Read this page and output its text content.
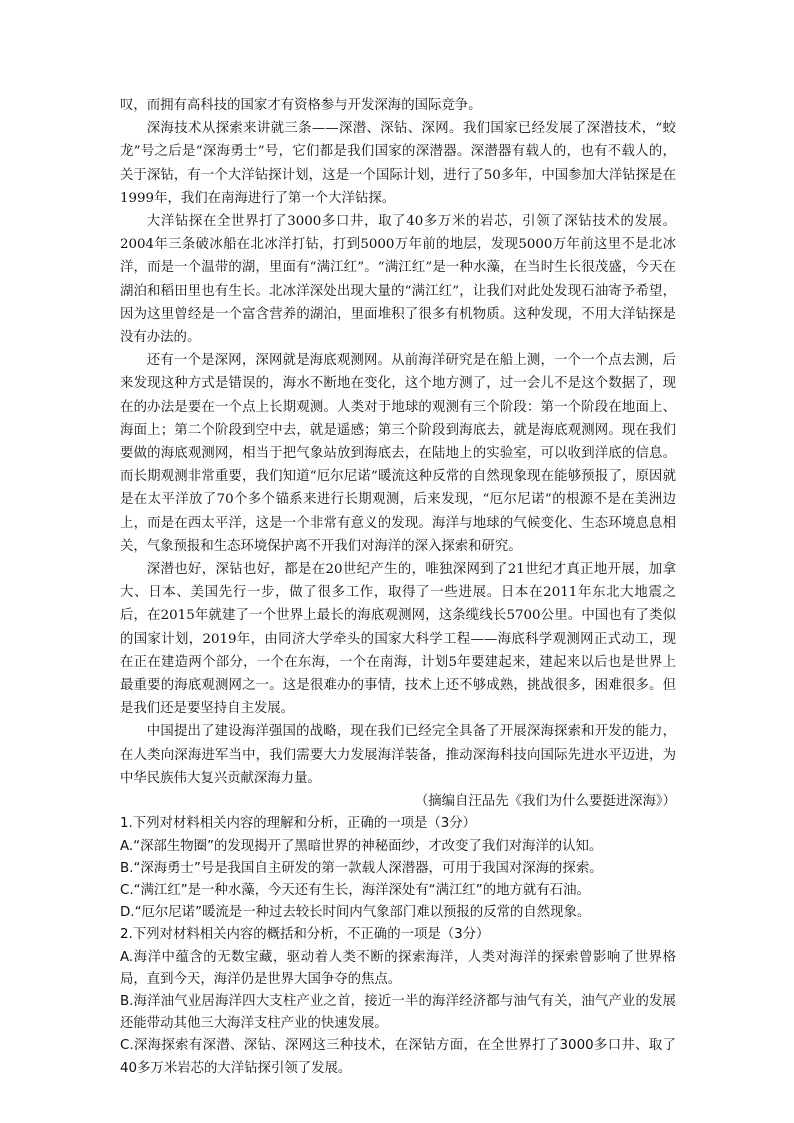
叹，而拥有高科技的国家才有资格参与开发深海的国际竞争。

深海技术从探索来讲就三条——深潜、深钻、深网。我们国家已经发展了深潜技术，“蛟龙”号之后是“深海勇士”号，它们都是我们国家的深潜器。深潜器有载人的，也有不载人的，关于深钻，有一个大洋钻探计划，这是一个国际计划，进行了50多年，中国参加大洋钻探是在1999年，我们在南海进行了第一个大洋钻探。

大洋钻探在全世界打了3000多口井，取了40多万米的岩芯，引领了深钻技术的发展。2004年三条破冰船在北冰洋打钻，打到5000万年前的地层，发现5000万年前这里不是北冰洋，而是一个温带的湖，里面有“满江红”。“满江红”是一种水藻，在当时生长很茂盛，今天在湖泊和稻田里也有生长。北冰洋深处出现大量的“满江红”，让我们对此处发现石油寄予希望，因为这里曾经是一个富含营养的湖泊，里面堆积了很多有机物质。这种发现，不用大洋钻探是没有办法的。

还有一个是深网，深网就是海底观测网。从前海洋研究是在船上测，一个一个点去测，后来发现这种方式是错误的，海水不断地在变化，这个地方测了，过一会儿不是这个数据了，现在的办法是要在一个点上长期观测。人类对于地球的观测有三个阶段：第一个阶段在地面上、海面上；第二个阶段到空中去，就是遥感；第三个阶段到海底去，就是海底观测网。现在我们要做的海底观测网，相当于把气象站放到海底去，在陆地上的实验室，可以收到洋底的信息。而长期观测非常重要，我们知道“厄尔尼诺”暖流这种反常的自然现象现在能够预报了，原因就是在太平洋放了70个多个锚系来进行长期观测，后来发现，“厄尔尼诺”的根源不是在美洲边上，而是在西太平洋，这是一个非常有意义的发现。海洋与地球的气候变化、生态环境息息相关，气象预报和生态环境保护离不开我们对海洋的深入探索和研究。

深潜也好，深钻也好，都是在20世纪产生的，唯独深网到了21世纪才真正地开展，加拿大、日本、美国先行一步，做了很多工作，取得了一些进展。日本在2011年东北大地震之后，在2015年就建了一个世界上最长的海底观测网，这条缆线长5700公里。中国也有了类似的国家计划，2019年，由同济大学牵头的国家大科学工程——海底科学观测网正式动工，现在正在建造两个部分，一个在东海，一个在南海，计划5年要建起来，建起来以后也是世界上最重要的海底观测网之一。这是很难办的事情，技术上还不够成熟，挑战很多，困难很多。但是我们还是要坚持自主发展。

中国提出了建设海洋强国的战略，现在我们已经完全具备了开展深海探索和开发的能力，在人类向深海进军当中，我们需要大力发展海洋装备，推动深海科技向国际先进水平迈进，为中华民族伟大复兴贡献深海力量。

（摘编自汪品先《我们为什么要挺进深海》）

1.下列对材料相关内容的理解和分析，正确的一项是（3分）

A.“深部生物圈”的发现揭开了黑暗世界的神秘面纱，才改变了我们对海洋的认知。

B.“深海勇士”号是我国自主研发的第一款载人深潜器，可用于我国对深海的探索。

C.“满江红”是一种水藻，今天还有生长，海洋深处有“满江红”的地方就有石油。

D.“厄尔尼诺”暖流是一种过去较长时间内气象部门难以预报的反常的自然现象。

2.下列对材料相关内容的概括和分析，不正确的一项是（3分）

A.海洋中蕴含的无数宝藏，驱动着人类不断的探索海洋，人类对海洋的探索曾影响了世界格局，直到今天，海洋仍是世界大国争夺的焦点。

B.海洋油气业居海洋四大支柱产业之首，接近一半的海洋经济都与油气有关，油气产业的发展还能带动其他三大海洋支柱产业的快速发展。

C.深海探索有深潜、深钻、深网这三种技术，在深钻方面，在全世界打了3000多口井、取了40多万米岩芯的大洋钻探引领了发展。
